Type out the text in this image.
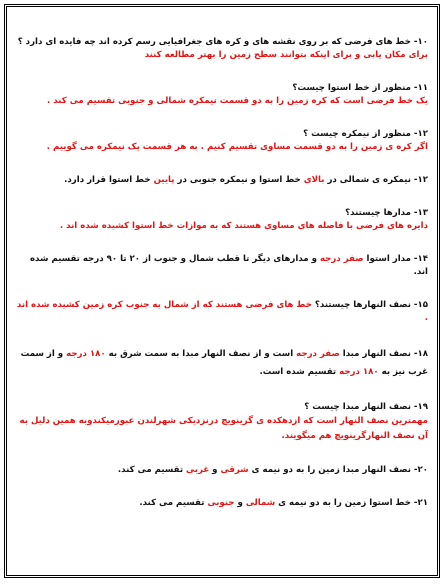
۱۰- خط های فرضی که بر روی نقشه های و کره های جغرافیایی رسم کرده اند چه فایده ای دارد ؟

برای مکان یابی و برای اینکه بتوانند سطح زمین را بهتر مطالعه کنند

۱۱- منظور از خط استوا چیست؟

یک خط فرضی است که کره زمین را به دو قسمت نیمکره شمالی و جنوبی تقسیم می کند .

۱۲- منظور از نیمکره چیست ؟

اگر کره ی زمین را به دو قسمت مساوی تقسیم کنیم . به هر قسمت یک نیمکره می گوییم .

۱۲- نیمکره ی شمالی در بالای خط استوا و نیمکره جنوبی در پایین خط استوا قرار دارد.

۱۳- مدارها چیستند؟

دایره های فرضی با فاصله های مساوی هستند که به موازات خط استوا کشیده شده اند .

۱۴- مدار استوا صفر درجه و مدارهای دیگر تا قطب شمال و جنوب از ۲۰ تا ۹۰ درجه تقسیم شده اند.

۱۵- نصف النهارها چیستند؟ خط های فرضی هستند که از شمال به جنوب کره زمین کشیده شده اند .

۱۸- نصف النهار مبدا صفر درجه است و از نصف النهار مبدا به سمت شرق به ۱۸۰ درجه و از سمت غرب نیز به ۱۸۰ درجه تقسیم شده است.

۱۹- نصف النهار مبدا چیست ؟

مهمترین نصف النهار است که ازدهکده ی گرینویچ درنزدیکی شهرلندن عبورمیکندوبه همین دلیل به آن نصف النهارگرینویچ هم میگویند.

۲۰- نصف النهار مبدا زمین را به دو نیمه ی شرقی و غربی تقسیم می کند.

۲۱- خط استوا زمین را به دو نیمه ی شمالی و جنوبی تقسیم می کند.
